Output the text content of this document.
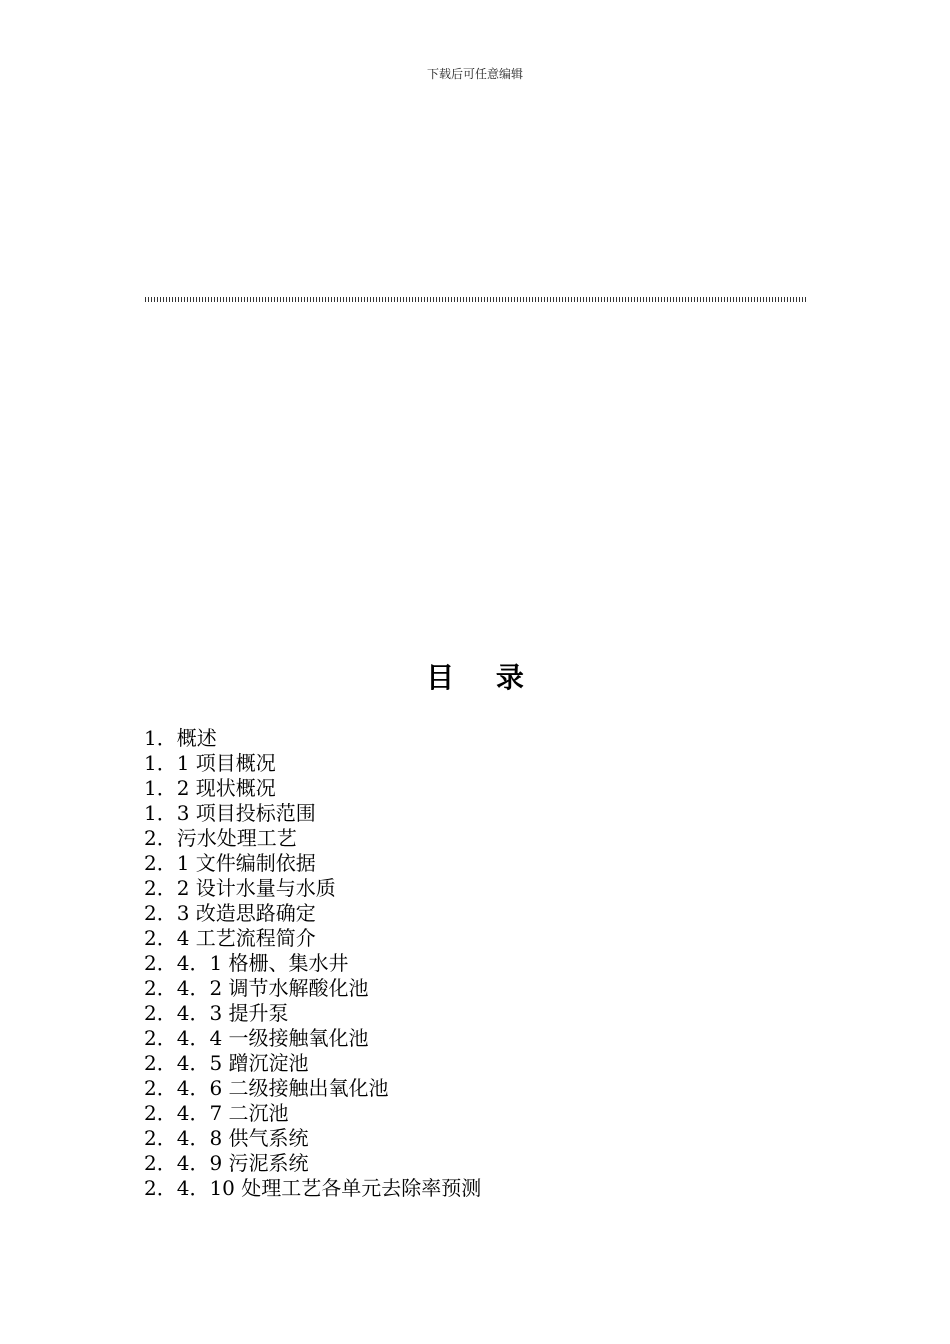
下载后可任意编辑
目 录
1．概述
1．1 项目概况
1．2 现状概况
1．3 项目投标范围
2．污水处理工艺
2．1 文件编制依据
2．2 设计水量与水质
2．3 改造思路确定
2．4 工艺流程简介
2．4．1 格栅、集水井
2．4．2 调节水解酸化池
2．4．3 提升泵
2．4．4 一级接触氧化池
2．4．5 蹭沉淀池
2．4．6 二级接触出氧化池
2．4．7 二沉池
2．4．8 供气系统
2．4．9 污泥系统
2．4．10 处理工艺各单元去除率预测
